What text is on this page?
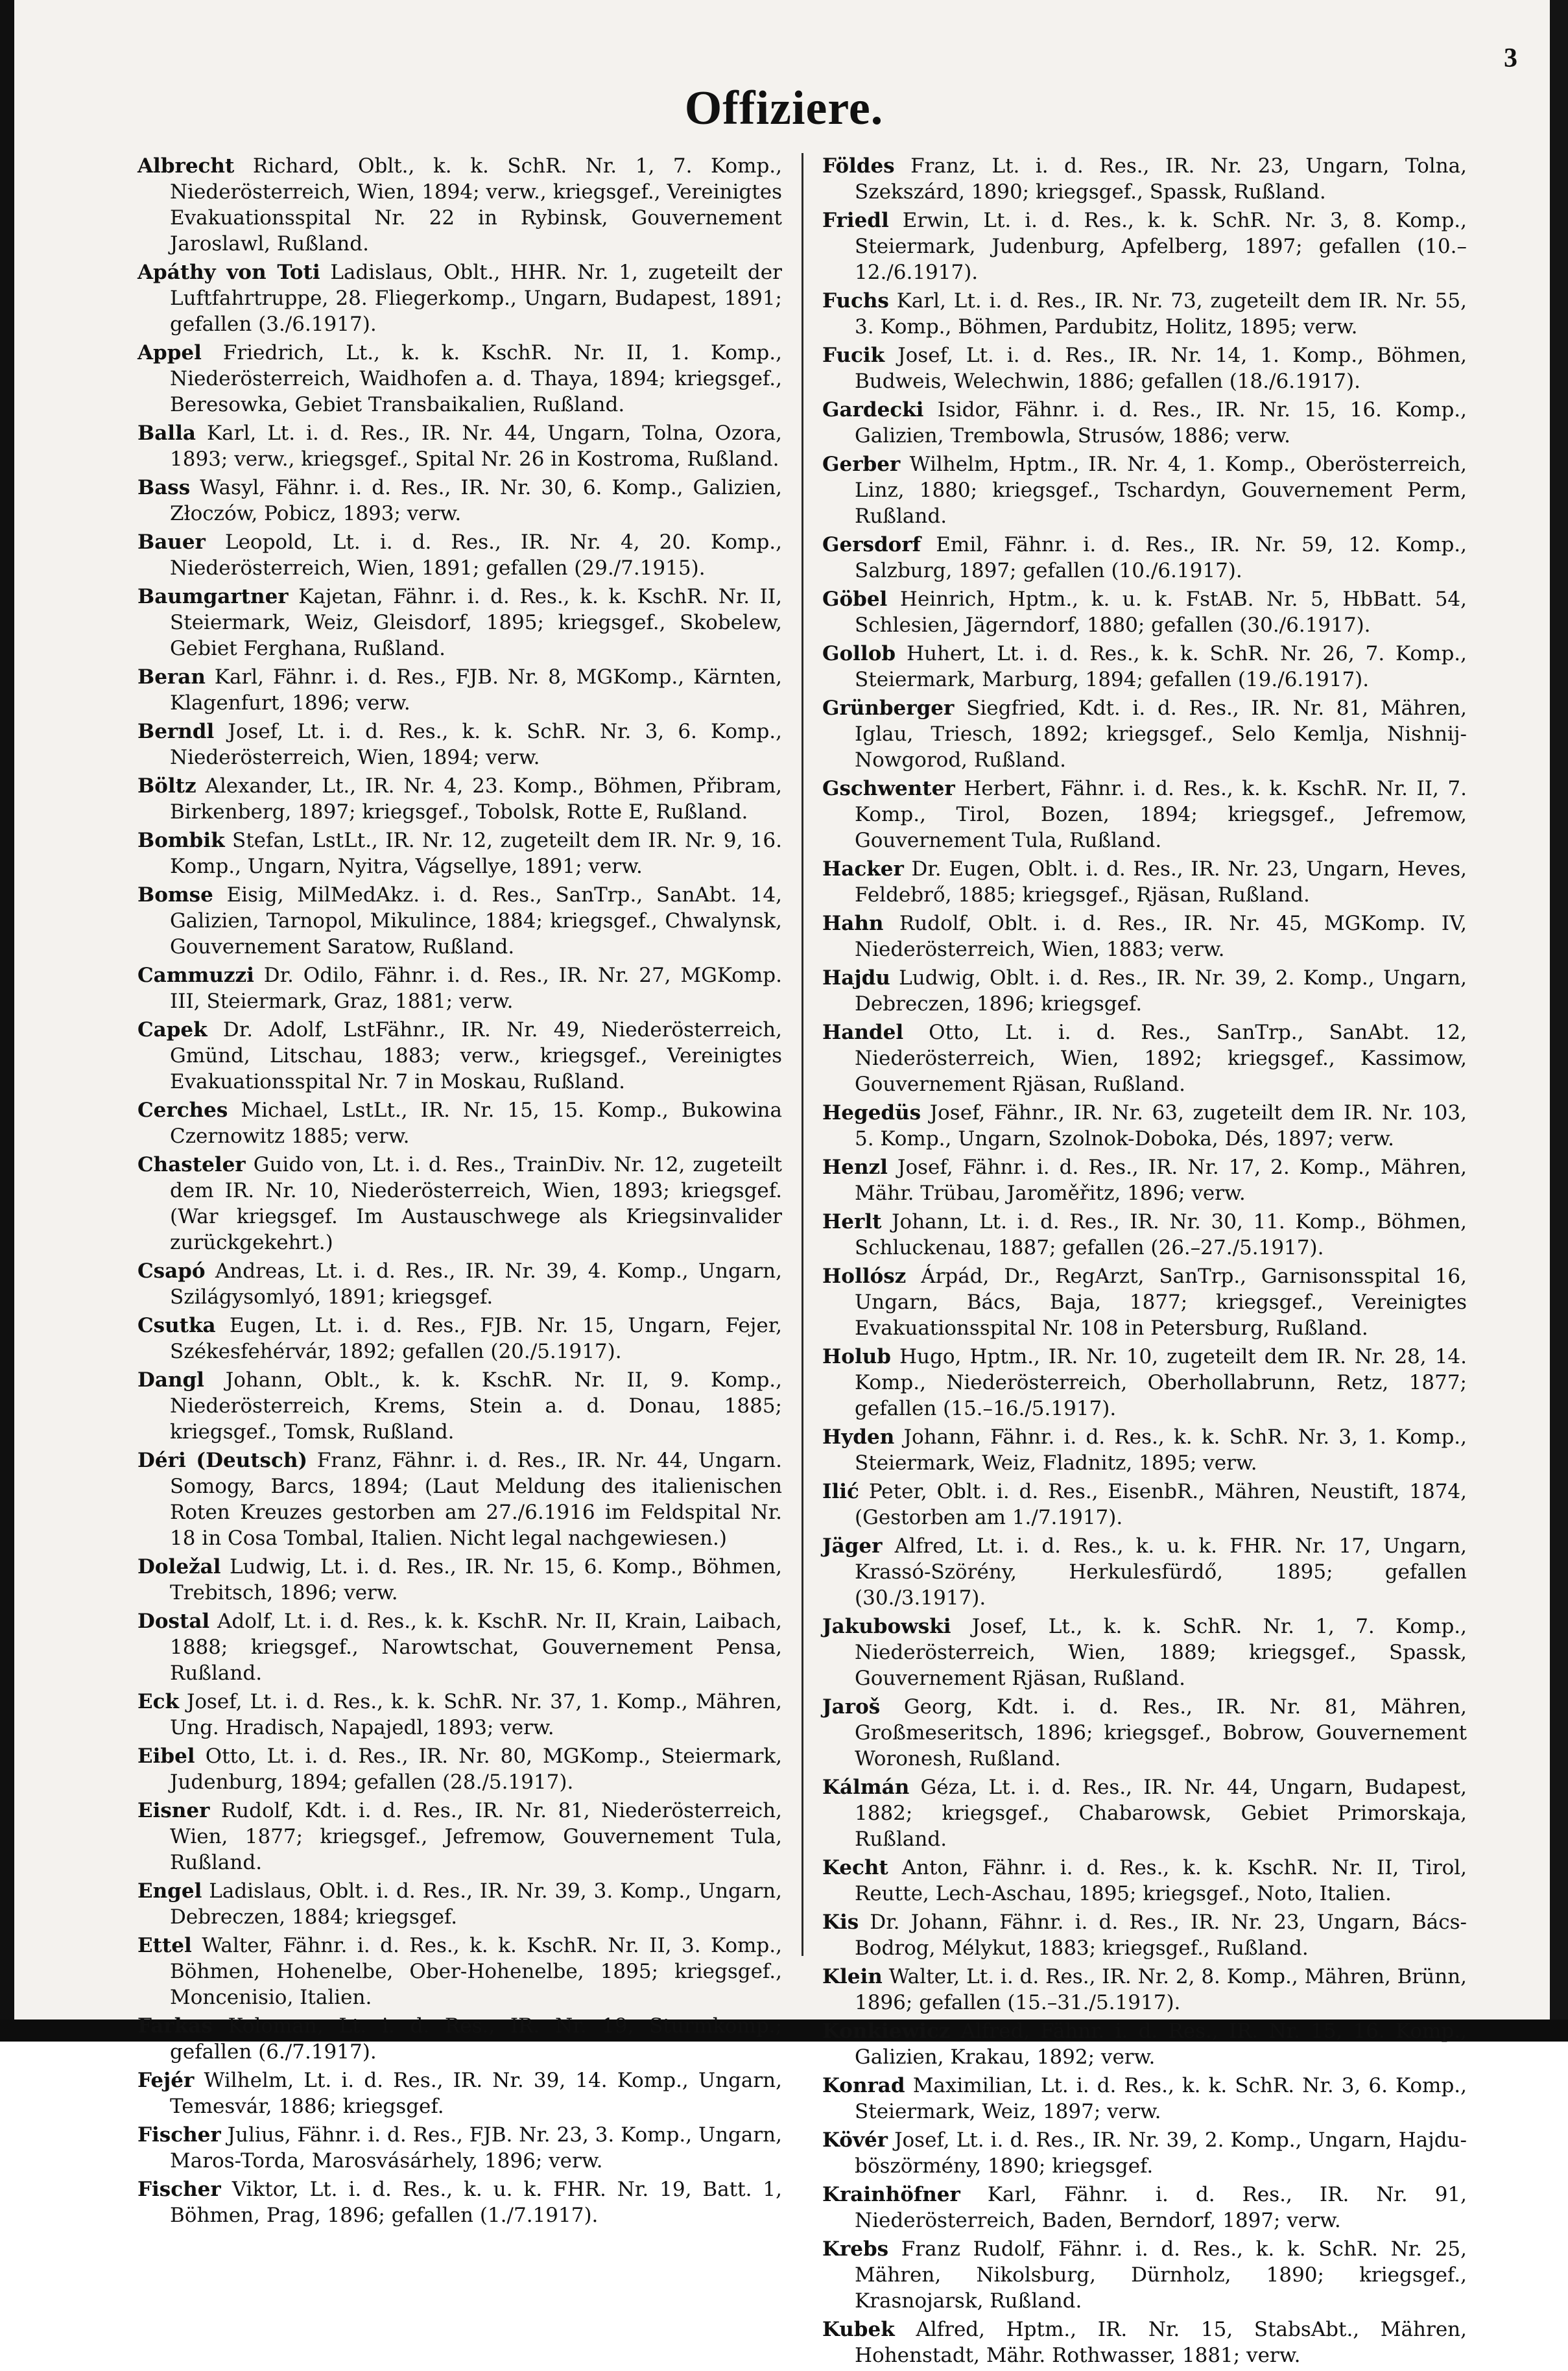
3
Offiziere.
Albrecht Richard, Oblt., k. k. SchR. Nr. 1, 7. Komp., Niederösterreich, Wien, 1894; verw., kriegsgef., Vereinigtes Evakuationsspital Nr. 22 in Rybinsk, Gouvernement Jaroslawl, Rußland.
Apáthy von Toti Ladislaus, Oblt., HHR. Nr. 1, zugeteilt der Luftfahrtruppe, 28. Fliegerkomp., Ungarn, Budapest, 1891; gefallen (3./6.1917).
Appel Friedrich, Lt., k. k. KschR. Nr. II, 1. Komp., Niederösterreich, Waidhofen a. d. Thaya, 1894; kriegsgef., Beresowka, Gebiet Transbaikalien, Rußland.
Balla Karl, Lt. i. d. Res., IR. Nr. 44, Ungarn, Tolna, Ozora, 1893; verw., kriegsgef., Spital Nr. 26 in Kostroma, Rußland.
Bass Wasyl, Fähnr. i. d. Res., IR. Nr. 30, 6. Komp., Galizien, Złoczów, Pobicz, 1893; verw.
Bauer Leopold, Lt. i. d. Res., IR. Nr. 4, 20. Komp., Niederösterreich, Wien, 1891; gefallen (29./7.1915).
Baumgartner Kajetan, Fähnr. i. d. Res., k. k. KschR. Nr. II, Steiermark, Weiz, Gleisdorf, 1895; kriegsgef., Skobelew, Gebiet Ferghana, Rußland.
Beran Karl, Fähnr. i. d. Res., FJB. Nr. 8, MGKomp., Kärnten, Klagenfurt, 1896; verw.
Berndl Josef, Lt. i. d. Res., k. k. SchR. Nr. 3, 6. Komp., Niederösterreich, Wien, 1894; verw.
Böltz Alexander, Lt., IR. Nr. 4, 23. Komp., Böhmen, Přibram, Birkenberg, 1897; kriegsgef., Tobolsk, Rotte E, Rußland.
Bombik Stefan, LstLt., IR. Nr. 12, zugeteilt dem IR. Nr. 9, 16. Komp., Ungarn, Nyitra, Vágsellye, 1891; verw.
Bomse Eisig, MilMedAkz. i. d. Res., SanTrp., SanAbt. 14, Galizien, Tarnopol, Mikulince, 1884; kriegsgef., Chwalynsk, Gouvernement Saratow, Rußland.
Cammuzzi Dr. Odilo, Fähnr. i. d. Res., IR. Nr. 27, MGKomp. III, Steiermark, Graz, 1881; verw.
Capek Dr. Adolf, LstFähnr., IR. Nr. 49, Niederösterreich, Gmünd, Litschau, 1883; verw., kriegsgef., Vereinigtes Evakuationsspital Nr. 7 in Moskau, Rußland.
Cerches Michael, LstLt., IR. Nr. 15, 15. Komp., Bukowina Czernowitz 1885; verw.
Chasteler Guido von, Lt. i. d. Res., TrainDiv. Nr. 12, zugeteilt dem IR. Nr. 10, Niederösterreich, Wien, 1893; kriegsgef. (War kriegsgef. Im Austauschwege als Kriegsinvalider zurückgekehrt.)
Csapó Andreas, Lt. i. d. Res., IR. Nr. 39, 4. Komp., Ungarn, Szilágysomlyó, 1891; kriegsgef.
Csutka Eugen, Lt. i. d. Res., FJB. Nr. 15, Ungarn, Fejer, Székesfehérvár, 1892; gefallen (20./5.1917).
Dangl Johann, Oblt., k. k. KschR. Nr. II, 9. Komp., Niederösterreich, Krems, Stein a. d. Donau, 1885; kriegsgef., Tomsk, Rußland.
Déri (Deutsch) Franz, Fähnr. i. d. Res., IR. Nr. 44, Ungarn. Somogy, Barcs, 1894; (Laut Meldung des italienischen Roten Kreuzes gestorben am 27./6.1916 im Feldspital Nr. 18 in Cosa Tombal, Italien. Nicht legal nachgewiesen.)
Doležal Ludwig, Lt. i. d. Res., IR. Nr. 15, 6. Komp., Böhmen, Trebitsch, 1896; verw.
Dostal Adolf, Lt. i. d. Res., k. k. KschR. Nr. II, Krain, Laibach, 1888; kriegsgef., Narowtschat, Gouvernement Pensa, Rußland.
Eck Josef, Lt. i. d. Res., k. k. SchR. Nr. 37, 1. Komp., Mähren, Ung. Hradisch, Napajedl, 1893; verw.
Eibel Otto, Lt. i. d. Res., IR. Nr. 80, MGKomp., Steiermark, Judenburg, 1894; gefallen (28./5.1917).
Eisner Rudolf, Kdt. i. d. Res., IR. Nr. 81, Niederösterreich, Wien, 1877; kriegsgef., Jefremow, Gouvernement Tula, Rußland.
Engel Ladislaus, Oblt. i. d. Res., IR. Nr. 39, 3. Komp., Ungarn, Debreczen, 1884; kriegsgef.
Ettel Walter, Fähnr. i. d. Res., k. k. KschR. Nr. II, 3. Komp., Böhmen, Hohenelbe, Ober-Hohenelbe, 1895; kriegsgef., Moncenisio, Italien.
Farkas Koloman, Lt. i. d. Res., IR. Nr. 19, Sturmkomp.; gefallen (6./7.1917).
Fejér Wilhelm, Lt. i. d. Res., IR. Nr. 39, 14. Komp., Ungarn, Temesvár, 1886; kriegsgef.
Fischer Julius, Fähnr. i. d. Res., FJB. Nr. 23, 3. Komp., Ungarn, Maros-Torda, Marosvásárhely, 1896; verw.
Fischer Viktor, Lt. i. d. Res., k. u. k. FHR. Nr. 19, Batt. 1, Böhmen, Prag, 1896; gefallen (1./7.1917).
Földes Franz, Lt. i. d. Res., IR. Nr. 23, Ungarn, Tolna, Szekszárd, 1890; kriegsgef., Spassk, Rußland.
Friedl Erwin, Lt. i. d. Res., k. k. SchR. Nr. 3, 8. Komp., Steiermark, Judenburg, Apfelberg, 1897; gefallen (10.–12./6.1917).
Fuchs Karl, Lt. i. d. Res., IR. Nr. 73, zugeteilt dem IR. Nr. 55, 3. Komp., Böhmen, Pardubitz, Holitz, 1895; verw.
Fucik Josef, Lt. i. d. Res., IR. Nr. 14, 1. Komp., Böhmen, Budweis, Welechwin, 1886; gefallen (18./6.1917).
Gardecki Isidor, Fähnr. i. d. Res., IR. Nr. 15, 16. Komp., Galizien, Trembowla, Strusów, 1886; verw.
Gerber Wilhelm, Hptm., IR. Nr. 4, 1. Komp., Oberösterreich, Linz, 1880; kriegsgef., Tschardyn, Gouvernement Perm, Rußland.
Gersdorf Emil, Fähnr. i. d. Res., IR. Nr. 59, 12. Komp., Salzburg, 1897; gefallen (10./6.1917).
Göbel Heinrich, Hptm., k. u. k. FstAB. Nr. 5, HbBatt. 54, Schlesien, Jägerndorf, 1880; gefallen (30./6.1917).
Gollob Huhert, Lt. i. d. Res., k. k. SchR. Nr. 26, 7. Komp., Steiermark, Marburg, 1894; gefallen (19./6.1917).
Grünberger Siegfried, Kdt. i. d. Res., IR. Nr. 81, Mähren, Iglau, Triesch, 1892; kriegsgef., Selo Kemlja, Nishnij-Nowgorod, Rußland.
Gschwenter Herbert, Fähnr. i. d. Res., k. k. KschR. Nr. II, 7. Komp., Tirol, Bozen, 1894; kriegsgef., Jefremow, Gouvernement Tula, Rußland.
Hacker Dr. Eugen, Oblt. i. d. Res., IR. Nr. 23, Ungarn, Heves, Feldebrő, 1885; kriegsgef., Rjäsan, Rußland.
Hahn Rudolf, Oblt. i. d. Res., IR. Nr. 45, MGKomp. IV, Niederösterreich, Wien, 1883; verw.
Hajdu Ludwig, Oblt. i. d. Res., IR. Nr. 39, 2. Komp., Ungarn, Debreczen, 1896; kriegsgef.
Handel Otto, Lt. i. d. Res., SanTrp., SanAbt. 12, Niederösterreich, Wien, 1892; kriegsgef., Kassimow, Gouvernement Rjäsan, Rußland.
Hegedüs Josef, Fähnr., IR. Nr. 63, zugeteilt dem IR. Nr. 103, 5. Komp., Ungarn, Szolnok-Doboka, Dés, 1897; verw.
Henzl Josef, Fähnr. i. d. Res., IR. Nr. 17, 2. Komp., Mähren, Mähr. Trübau, Jaroměřitz, 1896; verw.
Herlt Johann, Lt. i. d. Res., IR. Nr. 30, 11. Komp., Böhmen, Schluckenau, 1887; gefallen (26.–27./5.1917).
Hollósz Árpád, Dr., RegArzt, SanTrp., Garnisonsspital 16, Ungarn, Bács, Baja, 1877; kriegsgef., Vereinigtes Evakuationsspital Nr. 108 in Petersburg, Rußland.
Holub Hugo, Hptm., IR. Nr. 10, zugeteilt dem IR. Nr. 28, 14. Komp., Niederösterreich, Oberhollabrunn, Retz, 1877; gefallen (15.–16./5.1917).
Hyden Johann, Fähnr. i. d. Res., k. k. SchR. Nr. 3, 1. Komp., Steiermark, Weiz, Fladnitz, 1895; verw.
Ilić Peter, Oblt. i. d. Res., EisenbR., Mähren, Neustift, 1874, (Gestorben am 1./7.1917).
Jäger Alfred, Lt. i. d. Res., k. u. k. FHR. Nr. 17, Ungarn, Krassó-Szörény, Herkulesfürdő, 1895; gefallen (30./3.1917).
Jakubowski Josef, Lt., k. k. SchR. Nr. 1, 7. Komp., Niederösterreich, Wien, 1889; kriegsgef., Spassk, Gouvernement Rjäsan, Rußland.
Jaroš Georg, Kdt. i. d. Res., IR. Nr. 81, Mähren, Großmeseritsch, 1896; kriegsgef., Bobrow, Gouvernement Woronesh, Rußland.
Kálmán Géza, Lt. i. d. Res., IR. Nr. 44, Ungarn, Budapest, 1882; kriegsgef., Chabarowsk, Gebiet Primorskaja, Rußland.
Kecht Anton, Fähnr. i. d. Res., k. k. KschR. Nr. II, Tirol, Reutte, Lech-Aschau, 1895; kriegsgef., Noto, Italien.
Kis Dr. Johann, Fähnr. i. d. Res., IR. Nr. 23, Ungarn, Bács-Bodrog, Mélykut, 1883; kriegsgef., Rußland.
Klein Walter, Lt. i. d. Res., IR. Nr. 2, 8. Komp., Mähren, Brünn, 1896; gefallen (15.–31./5.1917).
Konkiewicz Alfred, Fähnr. i. d. Res., IR. Nr. 15, 16. Komp., Galizien, Krakau, 1892; verw.
Konrad Maximilian, Lt. i. d. Res., k. k. SchR. Nr. 3, 6. Komp., Steiermark, Weiz, 1897; verw.
Kövér Josef, Lt. i. d. Res., IR. Nr. 39, 2. Komp., Ungarn, Hajdu-böszörmény, 1890; kriegsgef.
Krainhöfner Karl, Fähnr. i. d. Res., IR. Nr. 91, Niederösterreich, Baden, Berndorf, 1897; verw.
Krebs Franz Rudolf, Fähnr. i. d. Res., k. k. SchR. Nr. 25, Mähren, Nikolsburg, Dürnholz, 1890; kriegsgef., Krasnojarsk, Rußland.
Kubek Alfred, Hptm., IR. Nr. 15, StabsAbt., Mähren, Hohenstadt, Mähr. Rothwasser, 1881; verw.
